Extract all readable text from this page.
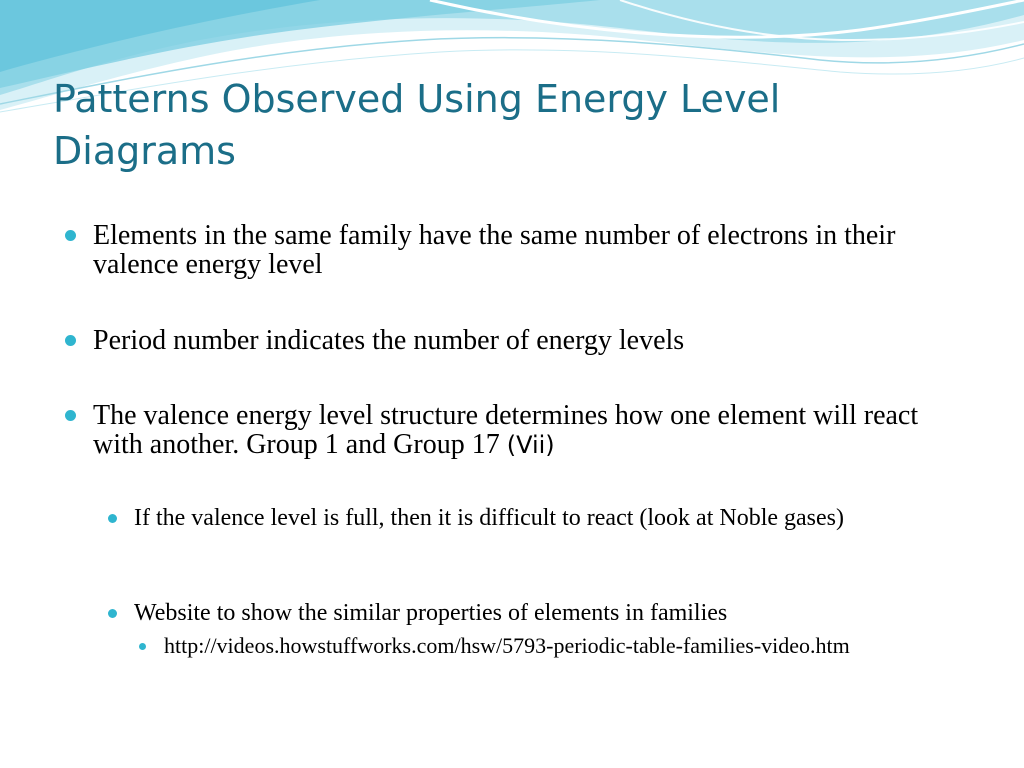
Patterns Observed Using Energy Level Diagrams

Elements in the same family have the same number of electrons in their valence energy level

Period number indicates the number of energy levels

The valence energy level structure determines how one element will react with another. Group 1 and Group 17 (Vii)

If the valence level is full, then it is difficult to react (look at Noble gases)

Website to show the similar properties of elements in families

http://videos.howstuffworks.com/hsw/5793-periodic-table-families-video.htm
